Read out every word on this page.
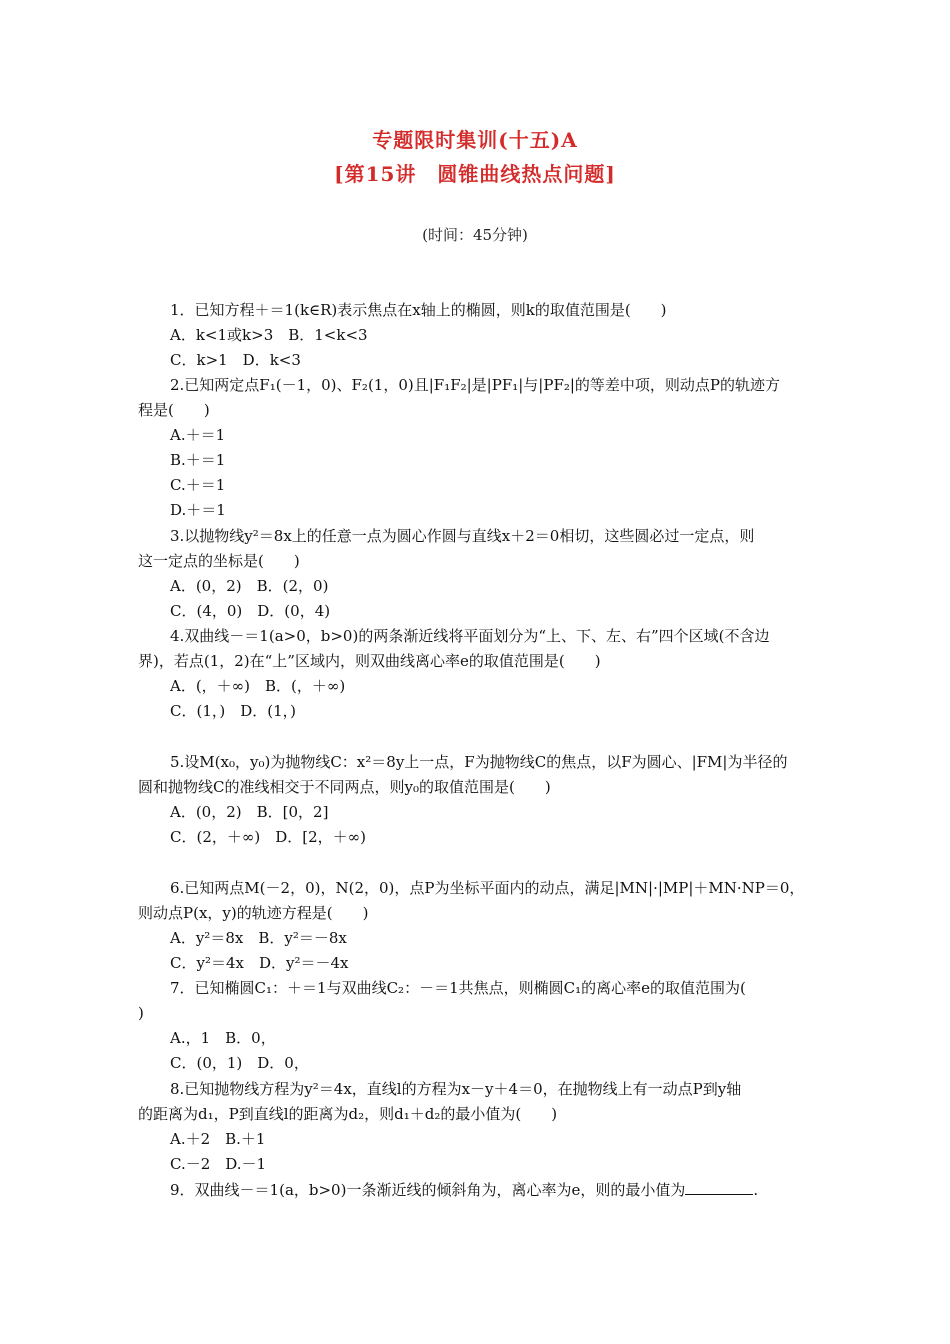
专题限时集训(十五)A
[第15讲　圆锥曲线热点问题]
(时间：45分钟)
1．已知方程＋＝1(k∈R)表示焦点在x轴上的椭圆，则k的取值范围是(　　)
A．k<1或k>3　B．1<k<3
C．k>1　D．k<3
2.已知两定点F₁(－1，0)、F₂(1，0)且|F₁F₂|是|PF₁|与|PF₂|的等差中项，则动点P的轨迹方
程是(　　)
A.＋＝1
B.＋＝1
C.＋＝1
D.＋＝1
3.以抛物线y²＝8x上的任意一点为圆心作圆与直线x＋2＝0相切，这些圆必过一定点，则
这一定点的坐标是(　　)
A．(0，2)　B．(2，0)
C．(4，0)　D．(0，4)
4.双曲线－＝1(a>0，b>0)的两条渐近线将平面划分为“上、下、左、右”四个区域(不含边
界)，若点(1，2)在“上”区域内，则双曲线离心率e的取值范围是(　　)
A．(，＋∞)　B．(，＋∞)
C．(1，)　D．(1，)
5.设M(x₀，y₀)为抛物线C：x²＝8y上一点，F为抛物线C的焦点，以F为圆心、|FM|为半径的
圆和抛物线C的准线相交于不同两点，则y₀的取值范围是(　　)
A．(0，2)　B．[0，2]
C．(2，＋∞)　D．[2，＋∞)
6.已知两点M(－2，0)，N(2，0)，点P为坐标平面内的动点，满足|MN|·|MP|＋MN·NP＝0，
则动点P(x，y)的轨迹方程是(　　)
A．y²＝8x　B．y²＝－8x
C．y²＝4x　D．y²＝－4x
7．已知椭圆C₁：＋＝1与双曲线C₂：－＝1共焦点，则椭圆C₁的离心率e的取值范围为(
)
A.，1　B．0，
C．(0，1)　D．0，
8.已知抛物线方程为y²＝4x，直线l的方程为x－y＋4＝0，在抛物线上有一动点P到y轴
的距离为d₁，P到直线l的距离为d₂，则d₁＋d₂的最小值为(　　)
A.＋2　B.＋1
C.－2　D.－1
9．双曲线－＝1(a，b>0)一条渐近线的倾斜角为，离心率为e，则的最小值为	.
